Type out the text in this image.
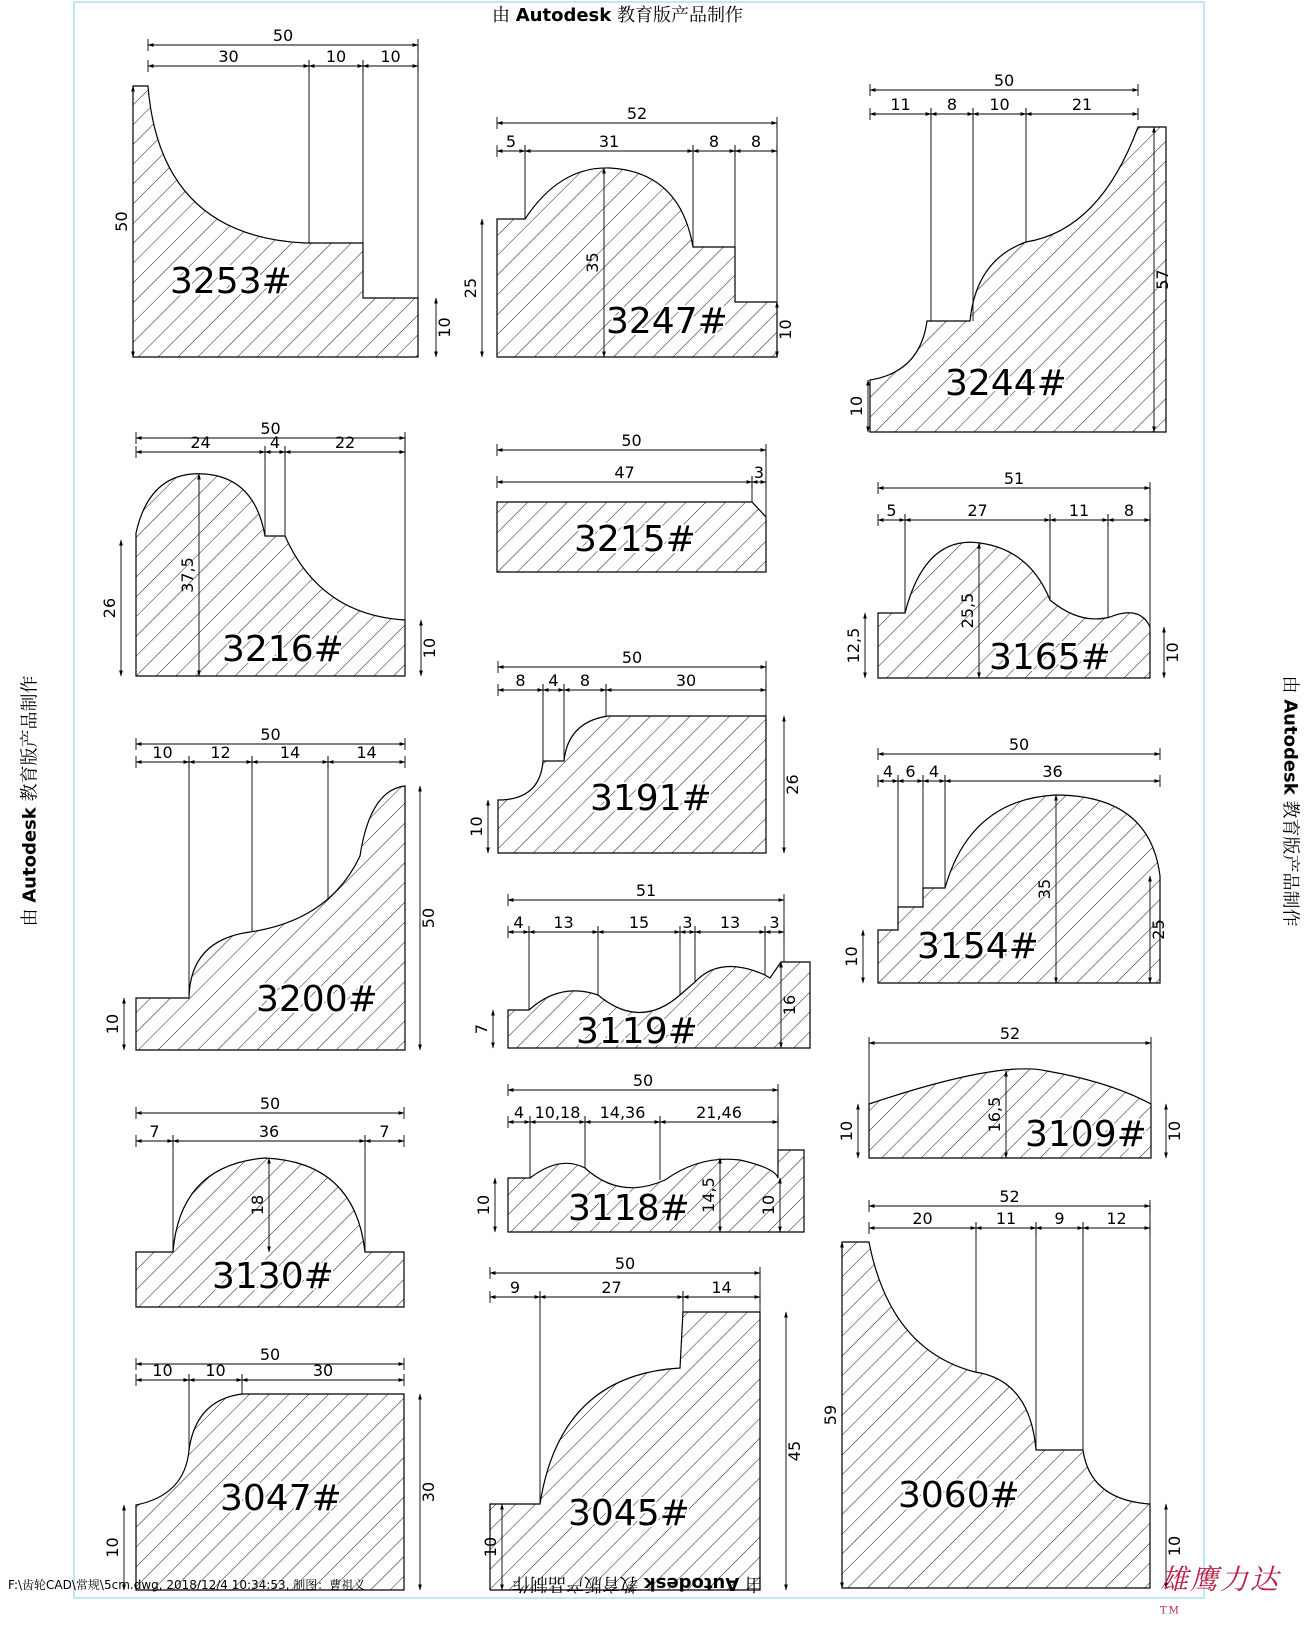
50
30	10 10
50
10
52
5	31	8 8
25
35
10
50
11 8 10	21
57
10
50
24	4	22
26
37,5
10
50
47	3	51
5	27	11 8
12,5
25,5
10
50
10 12	14	14
50
10
50
8 4 8	30
26
10
50
4 6 4	36
35
25
10
51
4 13	15 3 13 3
7
16
52
10	16,5	10
50
7	36	7
18
50
4 10,18 14,36	21,46
10	14,5	10	52
20	11 9	12
59
10
50
10 10	30
30
10
50
9	27	14
45
10
3253#
3247#
3244#
3216#
3215#
3165#
3200#
3191#
3154#
3119#
3109#
3130#
3118#
3060#
3047#	3045#
由 Autodesk 教育版产品制作
由 Autodesk 教育版产品制作
由 Autodesk 教育版产品制作	由 Autodesk 教育版产品制作
F:\齿轮CAD\常规\5cm.dwg, 2018/12/4 10:34:53, 制图：曹祖义	雄鹰力达™
